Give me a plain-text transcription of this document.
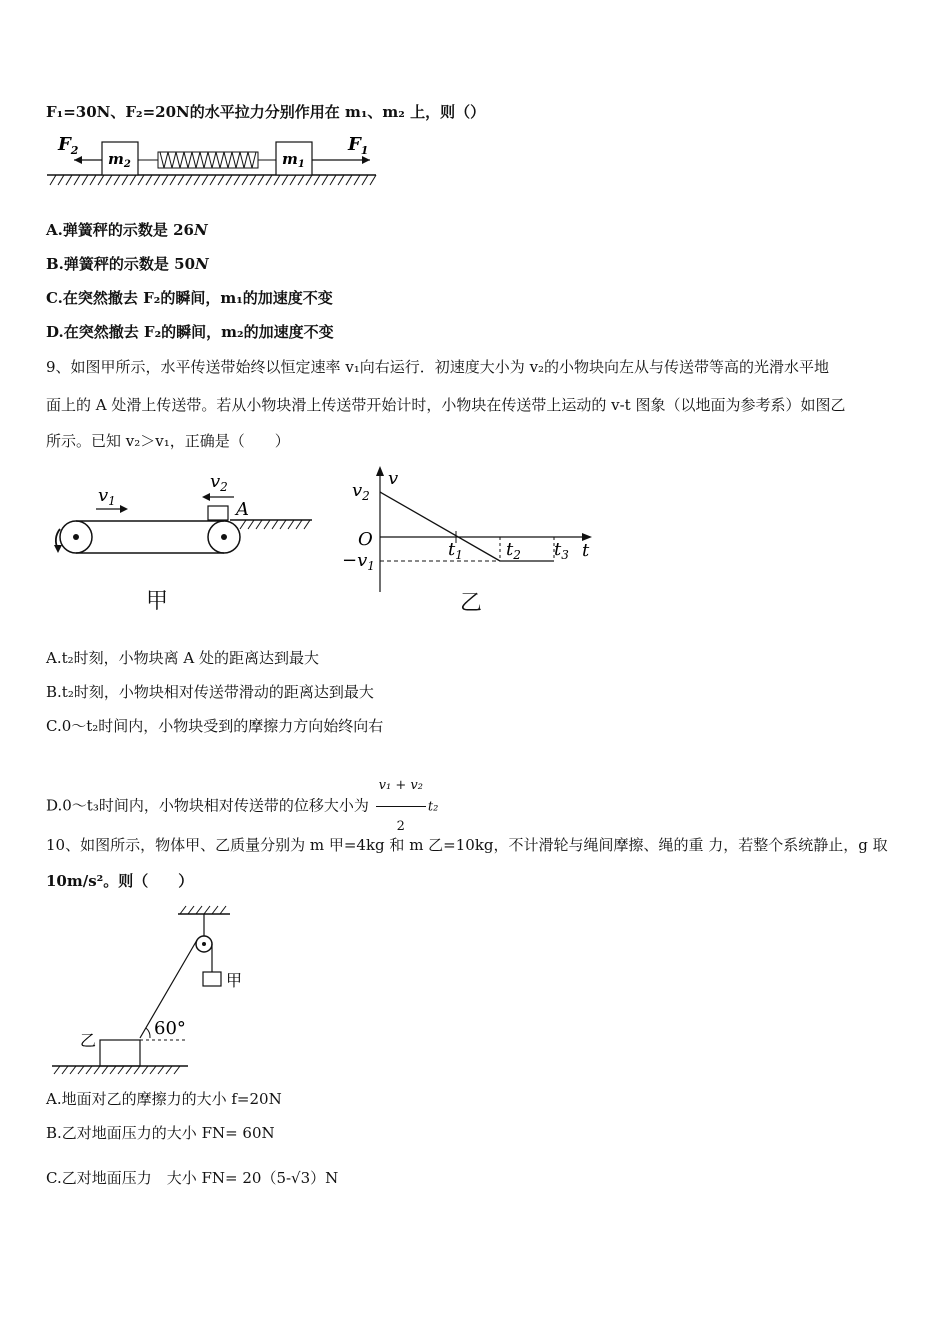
F₁=30N、F₂=20N的水平拉力分别作用在 m₁、m₂ 上，则（）
$m_2$	$m_1$
$F_2$	$F_1$
A.弹簧秤的示数是 26N
B.弹簧秤的示数是 50N
C.在突然撤去 F₂的瞬间，m₁的加速度不变
D.在突然撤去 F₂的瞬间，m₂的加速度不变
9、如图甲所示，水平传送带始终以恒定速率 v₁向右运行．初速度大小为 v₂的小物块向左从与传送带等高的光滑水平地
面上的 A 处滑上传送带。若从小物块滑上传送带开始计时，小物块在传送带上运动的 v-t 图象（以地面为参考系）如图乙
所示。已知 v₂＞v₁，正确是（　　）
$v_1$
$v_2$
A
甲
v
t
O
$v_2$
$-v_1$
$t_1$ $t_2$ $t_3$
乙
A.t₂时刻，小物块离 A 处的距离达到最大
B.t₂时刻，小物块相对传送带滑动的距离达到最大
C.0～t₂时间内，小物块受到的摩擦力方向始终向右
D.0～t₃时间内，小物块相对传送带的位移大小为 $\frac{\text{v₁ + v₂}}{2} t_2$
10、如图所示，物体甲、乙质量分别为 m 甲=4kg 和 m 乙=10kg，不计滑轮与绳间摩擦、绳的重 力，若整个系统静止，g 取
10m/s²。则（　　）
甲
60°
乙
A.地面对乙的摩擦力的大小 f=20N
B.乙对地面压力的大小 FN= 60N
C.乙对地面压力　大小 FN= 20（5-√3）N
